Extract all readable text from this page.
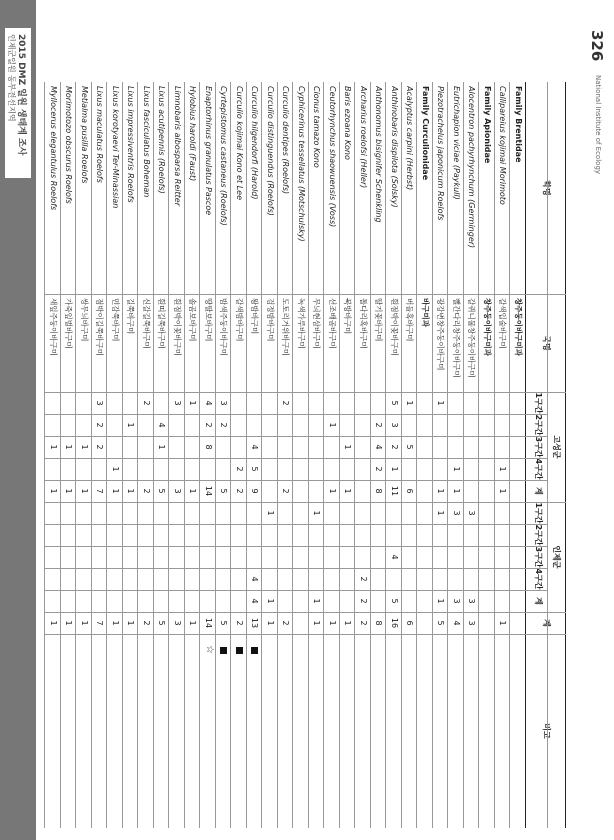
326
National Institute of Ecology
학명
국명
고성군
인제군
1구간
1구간
2구간
2구간
3구간
3구간
4구간
4구간
계
계
계
비고
Family Brentidae
창주둥이바구미과
Callipareius kojimai Morimoto
갈색입술바구미
1
1
1
Family Apionidae
창주둥이바구미과
Alocentron pachyrhynchum (Germinger)
갈퀴니물창주둥이바구미
3
3
3
Eutrichapion viciae (Paykull)
뻘간다리창주둥이바구미
1
1
3
3
4
Piezotrachelus japonicum Roelofs
광강변창주둥이바구미
1
1
1
1
5
Family Curculionidae
바구미과
Acalyptus carpini (Herbst)
버들혹바구미
1
5
6
6
Anthinobaris dispilota (Solsky)
흰점박이꽃바구미
5
3
2
1
11
4
5
16
Anthonomus bisignifer Schenkling
딸기꽃바구미
2
4
2
8
8
Archarius roelofsi (Heller)
톱다리혹바구미
2
2
2
Baris ezoana Kono
북방바구미
1
1
1
Ceutorhynchus shaowuensis (Voss)
선조배곰바구미
1
1
1
Cionus tamazo Kono
무늬현삼바구미
1
1
1
Cyphicerinus tessellatus (Motschulsky)
녹색가루바구미
Curculio dentipes (Roelofs)
도토리거위바구미
2
2
2
Curculio distinguendus (Roelofs)
검정밤바구미
1
1
1
Curculio hilgendorfi (Harold)
왕밤바구미
4
5
9
4
4
13
Curculio kojimai Kono et Lee
갈색밤바구미
2
2
2
Cyrtepistomus castaneus (Roelofs)
밤색주둥이바구미
3
2
5
5
Enaptorhinus granulatus Pascoe
땅딸보바구미
4
2
8
14
14
☆
Hylobius haroldi (Faust)
솔곰보바구미
1
1
1
Limnobaris albosparsa Reitter
흰점박이꽃바구미
3
3
3
Lixus acutipennis (Roelofs)
흰띠길쭉바구미
4
1
5
5
Lixus fasciculatus Boheman
신갈길쭉바구미
2
2
2
Lixus impressiventris Roelofs
길쭉바구미
1
1
1
Lixus korotyaevi Ter-Minassian
민감쭉바구미
1
1
1
Lixus maculatus Roelofs
점박이길쭉바구미
3
2
2
7
7
Metialma pusilla Roelofs
쌍무늬바구미
1
1
1
Morimotozo obscurus Roelofs
가죽잎벌바구미
1
1
1
Myllocerus elegantulus Roelofs
새잎주둥이바구미
1
1
1
2015 DMZ 일원 생태계 조사
인제군일원 동부전선지역
